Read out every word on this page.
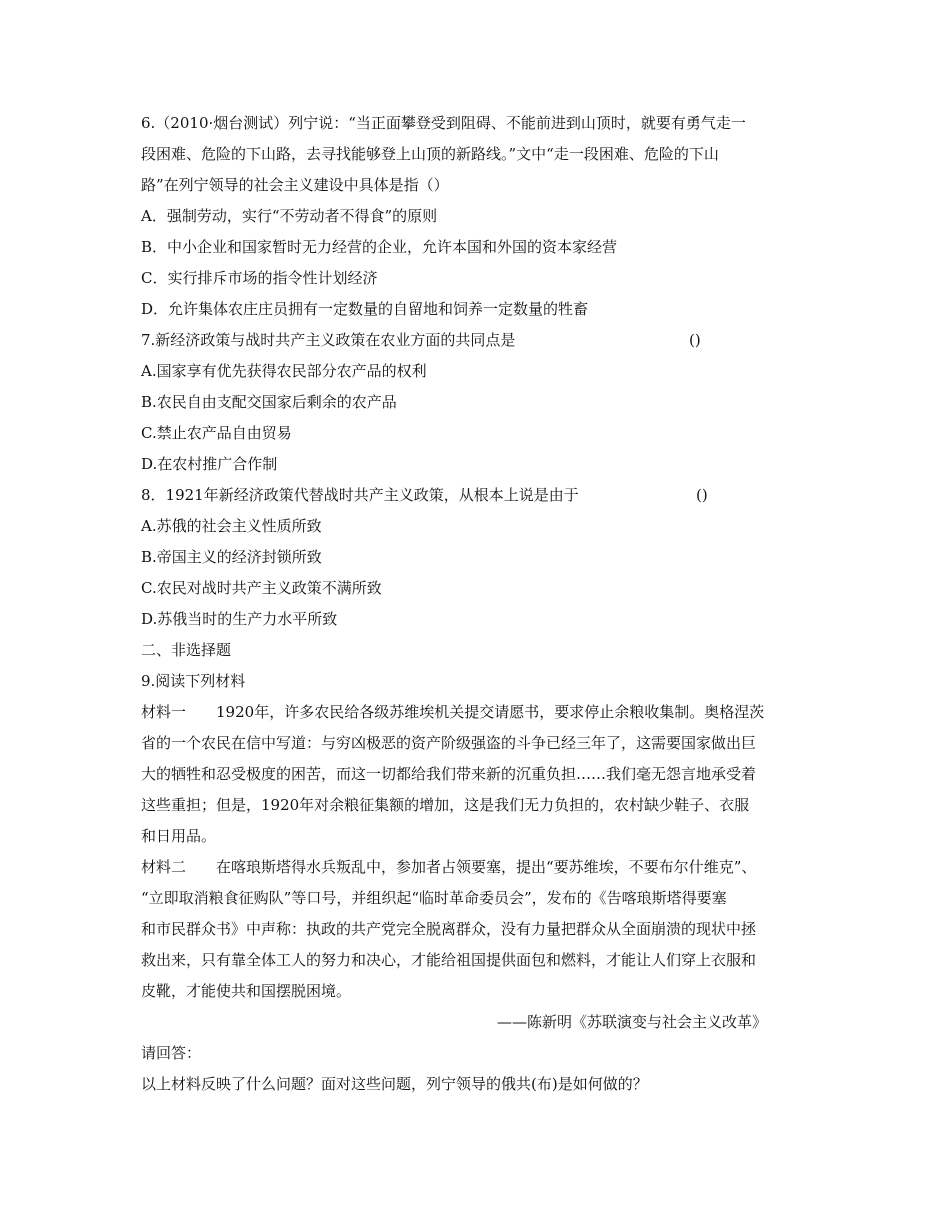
6.（2010·烟台测试）列宁说：“当正面攀登受到阻碍、不能前进到山顶时，就要有勇气走一
段困难、危险的下山路，去寻找能够登上山顶的新路线。”文中“走一段困难、危险的下山
路”在列宁领导的社会主义建设中具体是指（）
A．强制劳动，实行“不劳动者不得食”的原则
B．中小企业和国家暂时无力经营的企业，允许本国和外国的资本家经营
C．实行排斥市场的指令性计划经济
D．允许集体农庄庄员拥有一定数量的自留地和饲养一定数量的牲畜
7.新经济政策与战时共产主义政策在农业方面的共同点是	()
A.国家享有优先获得农民部分农产品的权利
B.农民自由支配交国家后剩余的农产品
C.禁止农产品自由贸易
D.在农村推广合作制
8．1921年新经济政策代替战时共产主义政策，从根本上说是由于	()
A.苏俄的社会主义性质所致
B.帝国主义的经济封锁所致
C.农民对战时共产主义政策不满所致
D.苏俄当时的生产力水平所致
二、非选择题
9.阅读下列材料
材料一 1920年，许多农民给各级苏维埃机关提交请愿书，要求停止余粮收集制。奥格涅茨
省的一个农民在信中写道：与穷凶极恶的资产阶级强盗的斗争已经三年了，这需要国家做出巨
大的牺牲和忍受极度的困苦，而这一切都给我们带来新的沉重负担……我们毫无怨言地承受着
这些重担；但是，1920年对余粮征集额的增加，这是我们无力负担的，农村缺少鞋子、衣服
和日用品。
材料二 在喀琅斯塔得水兵叛乱中，参加者占领要塞，提出“要苏维埃，不要布尔什维克”、
“立即取消粮食征购队”等口号，并组织起“临时革命委员会”，发布的《告喀琅斯塔得要塞
和市民群众书》中声称：执政的共产党完全脱离群众，没有力量把群众从全面崩溃的现状中拯
救出来，只有靠全体工人的努力和决心，才能给祖国提供面包和燃料，才能让人们穿上衣服和
皮靴，才能使共和国摆脱困境。
——陈新明《苏联演变与社会主义改革》
请回答：
以上材料反映了什么问题？面对这些问题，列宁领导的俄共(布)是如何做的？
